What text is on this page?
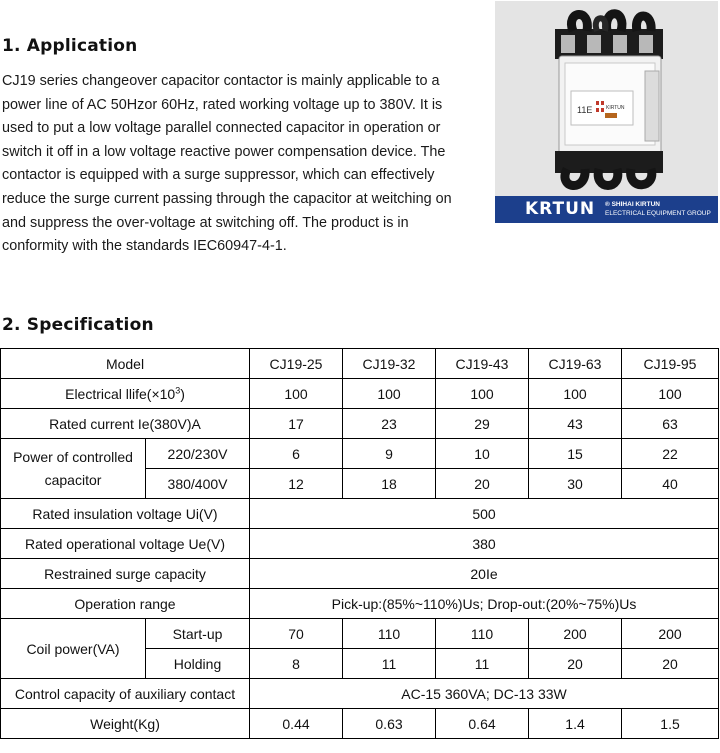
1. Application

CJ19 series changeover capacitor contactor is mainly applicable to a
power line of AC 50Hzor 60Hz, rated working voltage up to 380V. It is
used to put a low voltage parallel connected capacitor in operation or
switch it off in a low voltage reactive power compensation device. The
contactor is equipped with a surge suppressor, which can effectively
reduce the surge current passing through the capacitor at weitching on
and suppress the over-voltage at switching off. The product is in
conformity with the standards IEC60947-4-1.

11E	KIRTUN
KRTUN ® SHIHAI KIRTUN
ELECTRICAL EQUIPMENT GROUP
2. Specification
Model		CJ19-25	CJ19-32	CJ19-43	CJ19-63	CJ19-95
Electrical $llife(\times 10^3)$		100	100	100	100	100
Rated current Ie(380V)A		17	23	29	43	63

Power of controlled
capacitor	220/230V	6	9	10	15	22
	380/400V	12	18	20	30	40
Rated insulation voltage Ui(V)		500				
Rated operational voltage Ue(V)		380				
Restrained surge capacity		20Ie				
Operation range		Pick-up:(85%~110%)Us; Drop-out:(20%~75%)Us				
Coil power(VA)	Start-up	70	110	110	200	200
	Holding	8	11	11	20	20
Control capacity of auxiliary contact		AC-15 360VA; DC-13 33W				
Weight(Kg)		0.44	0.63	0.64	1.4	1.5
